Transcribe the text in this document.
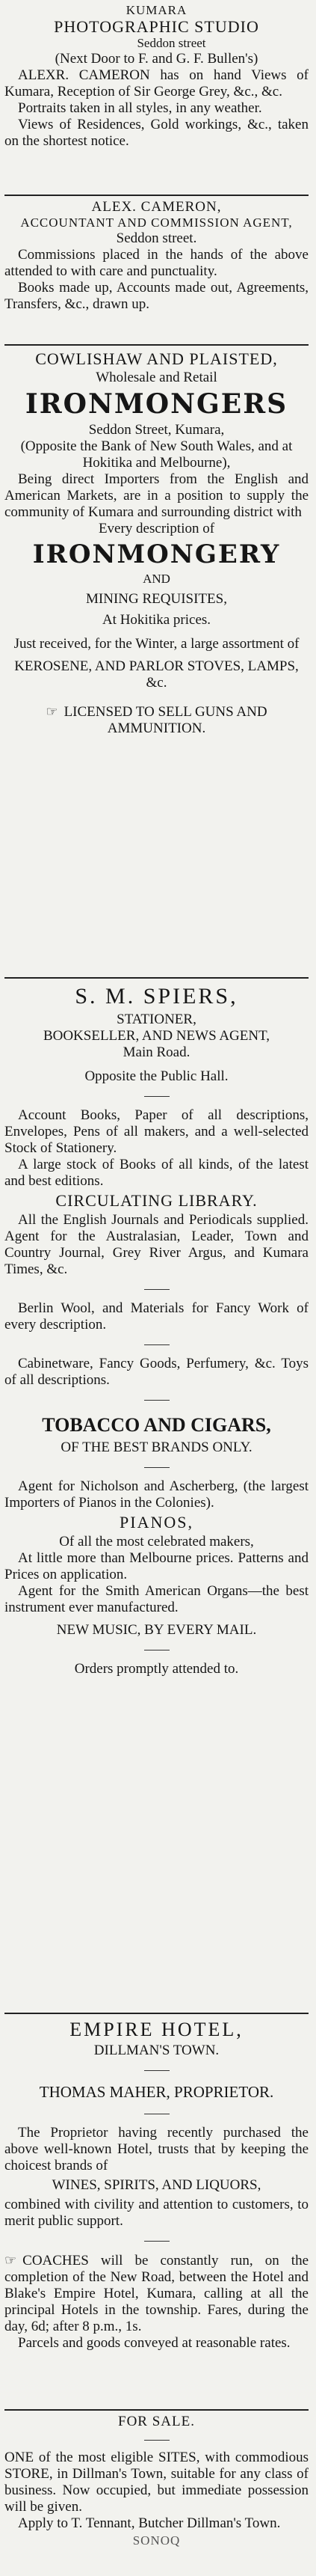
KUMARA

PHOTOGRAPHIC STUDIO

Seddon street

(Next Door to F. and G. F. Bullen's)

ALEXR. CAMERON has on hand Views of Kumara, Reception of Sir George Grey, &c., &c.

Portraits taken in all styles, in any weather.

Views of Residences, Gold workings, &c., taken on the shortest notice.

ALEX. CAMERON,

ACCOUNTANT AND COMMISSION AGENT,

Seddon street.

Commissions placed in the hands of the above attended to with care and punctuality.

Books made up, Accounts made out, Agreements, Transfers, &c., drawn up.

COWLISHAW AND PLAISTED,

Wholesale and Retail

IRONMONGERS

Seddon Street, Kumara,

(Opposite the Bank of New South Wales, and at Hokitika and Melbourne),

Being direct Importers from the English and American Markets, are in a position to supply the community of Kumara and surrounding district with

Every description of

IRONMONGERY

AND

MINING REQUISITES,

At Hokitika prices.

Just received, for the Winter, a large assortment of

KEROSENE, AND PARLOR STOVES, LAMPS, &c.

☞ LICENSED TO SELL GUNS AND AMMUNITION.

S. M. SPIERS,

STATIONER,

BOOKSELLER, AND NEWS AGENT,

Main Road.

Opposite the Public Hall.

Account Books, Paper of all descriptions, Envelopes, Pens of all makers, and a well-selected Stock of Stationery.

A large stock of Books of all kinds, of the latest and best editions.

CIRCULATING LIBRARY.

All the English Journals and Periodicals supplied. Agent for the Australasian, Leader, Town and Country Journal, Grey River Argus, and Kumara Times, &c.

Berlin Wool, and Materials for Fancy Work of every description.

Cabinetware, Fancy Goods, Perfumery, &c. Toys of all descriptions.

TOBACCO AND CIGARS,

OF THE BEST BRANDS ONLY.

Agent for Nicholson and Ascherberg, (the largest Importers of Pianos in the Colonies).

PIANOS,

Of all the most celebrated makers,

At little more than Melbourne prices. Patterns and Prices on application.

Agent for the Smith American Organs—the best instrument ever manufactured.

NEW MUSIC, BY EVERY MAIL.

Orders promptly attended to.

EMPIRE HOTEL,

DILLMAN'S TOWN.

THOMAS MAHER, PROPRIETOR.

The Proprietor having recently purchased the above well-known Hotel, trusts that by keeping the choicest brands of

WINES, SPIRITS, AND LIQUORS,

combined with civility and attention to customers, to merit public support.

☞ COACHES will be constantly run, on the completion of the New Road, between the Hotel and Blake's Empire Hotel, Kumara, calling at all the principal Hotels in the township. Fares, during the day, 6d; after 8 p.m., 1s.

Parcels and goods conveyed at reasonable rates.

FOR SALE.

ONE of the most eligible SITES, with commodious STORE, in Dillman's Town, suitable for any class of business. Now occupied, but immediate possession will be given.

Apply to T. Tennant, Butcher Dillman's Town.

SONOQ
